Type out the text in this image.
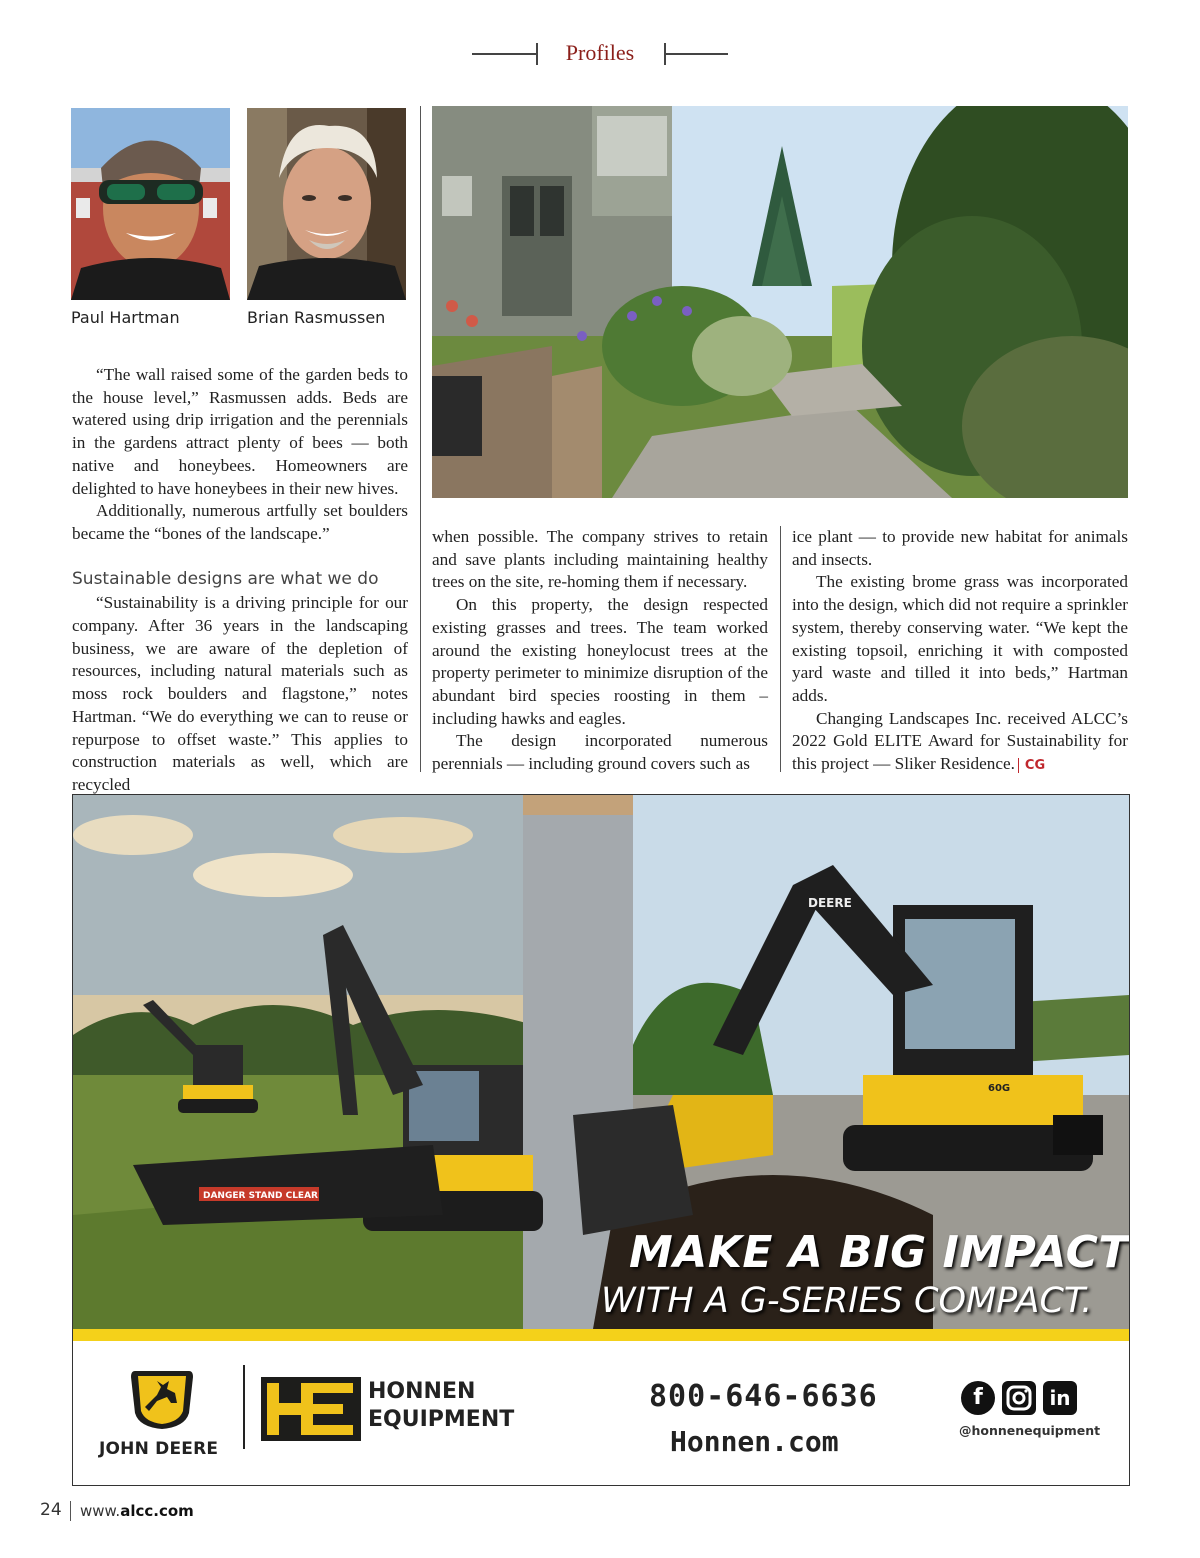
Profiles
Paul Hartman	Brian Rasmussen

“The wall raised some of the garden beds to the house level,” Rasmussen adds. Beds are watered using drip irrigation and the perennials in the gardens attract plenty of bees — both native and honeybees. Homeowners are delighted to have honeybees in their new hives.

Additionally, numerous artfully set boulders became the “bones of the landscape.”

Sustainable designs are what we do

“Sustainability is a driving principle for our company. After 36 years in the landscaping business, we are aware of the depletion of resources, including natural materials such as moss rock boulders and flagstone,” notes Hartman. “We do everything we can to reuse or repurpose to offset waste.” This applies to construction materials as well, which are recycled

when possible. The company strives to retain and save plants including maintaining healthy trees on the site, re-homing them if necessary.

On this property, the design respected existing grasses and trees. The team worked around the existing honeylocust trees at the property perimeter to minimize disruption of the abundant bird species roosting in them – including hawks and eagles.

The design incorporated numerous perennials — including ground covers such as

ice plant — to provide new habitat for animals and insects.

The existing brome grass was incorporated into the design, which did not require a sprinkler system, thereby conserving water. “We kept the existing topsoil, enriching it with composted yard waste and tilled it into beds,” Hartman adds.

Changing Landscapes Inc. received ALCC’s 2022 Gold ELITE Award for Sustainability for this project — Sliker Residence. CG

DANGER STAND CLEAR
DEERE
60G
MAKE A BIG IMPACT
WITH A G-SERIES COMPACT.
JOHN DEERE
HONNEN
EQUIPMENT
800-646-6636
Honnen.com
f	in
@honnenequipment
24 www.alcc.com
